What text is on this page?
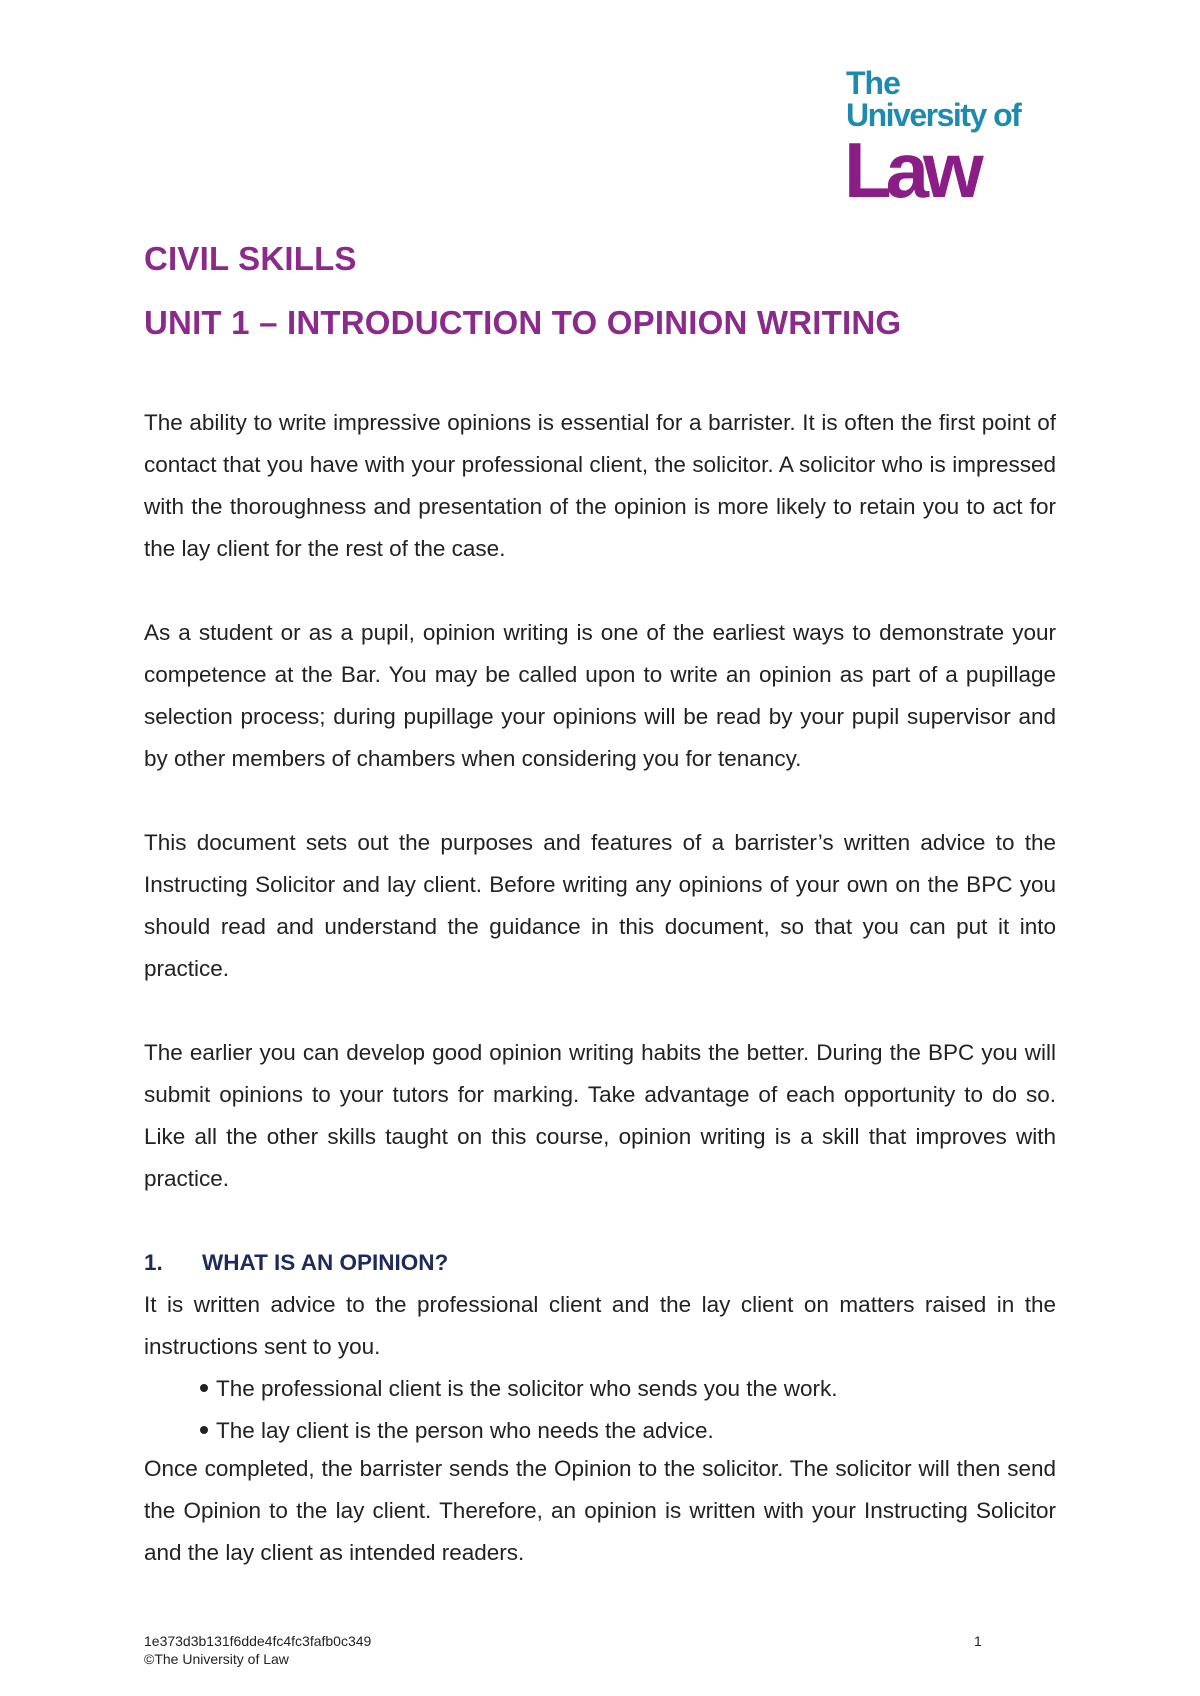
The
University of
Law
CIVIL SKILLS
UNIT 1 – INTRODUCTION TO OPINION WRITING

The ability to write impressive opinions is essential for a barrister. It is often the first point of contact that you have with your professional client, the solicitor. A solicitor who is impressed with the thoroughness and presentation of the opinion is more likely to retain you to act for the lay client for the rest of the case.

As a student or as a pupil, opinion writing is one of the earliest ways to demonstrate your competence at the Bar. You may be called upon to write an opinion as part of a pupillage selection process; during pupillage your opinions will be read by your pupil supervisor and by other members of chambers when considering you for tenancy.

This document sets out the purposes and features of a barrister’s written advice to the Instructing Solicitor and lay client. Before writing any opinions of your own on the BPC you should read and understand the guidance in this document, so that you can put it into practice.

The earlier you can develop good opinion writing habits the better. During the BPC you will submit opinions to your tutors for marking. Take advantage of each opportunity to do so. Like all the other skills taught on this course, opinion writing is a skill that improves with practice.

1. WHAT IS AN OPINION?

It is written advice to the professional client and the lay client on matters raised in the instructions sent to you.

The professional client is the solicitor who sends you the work.
The lay client is the person who needs the advice.

Once completed, the barrister sends the Opinion to the solicitor. The solicitor will then send the Opinion to the lay client. Therefore, an opinion is written with your Instructing Solicitor and the lay client as intended readers.

1e373d3b131f6dde4fc4fc3fafb0c349
©The University of Law
1
